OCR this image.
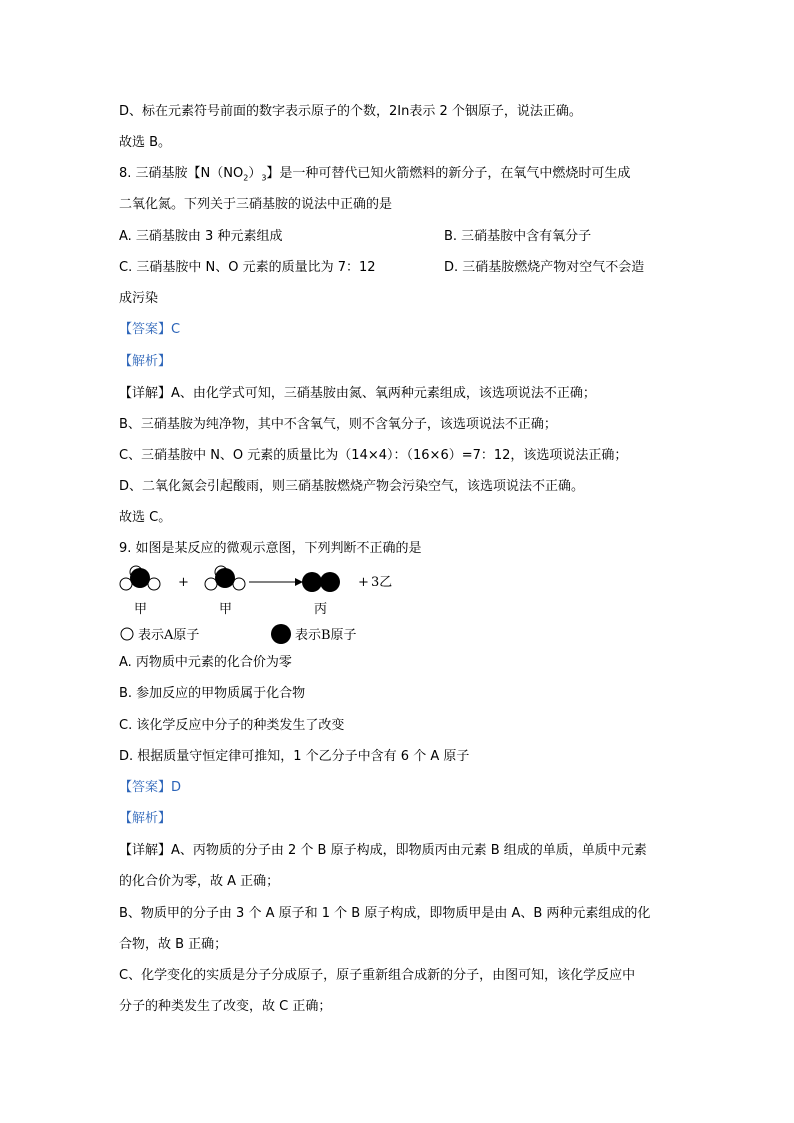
D、标在元素符号前面的数字表示原子的个数，2In表示 2 个铟原子，说法正确。
故选 B。
8. 三硝基胺【$N(NO_2)_3$】是一种可替代已知火箭燃料的新分子，在氧气中燃烧时可生成
二氧化氮。下列关于三硝基胺的说法中正确的是
A. 三硝基胺由 3 种元素组成	B. 三硝基胺中含有氧分子
C. 三硝基胺中 N、O 元素的质量比为 7：12	D. 三硝基胺燃烧产物对空气不会造
成污染
【答案】C
【解析】
【详解】A、由化学式可知，三硝基胺由氮、氧两种元素组成，该选项说法不正确；
B、三硝基胺为纯净物，其中不含氧气，则不含氧分子，该选项说法不正确；
C、三硝基胺中 N、O 元素的质量比为（14×4）：（16×6）=7：12，该选项说法正确；
D、二氧化氮会引起酸雨，则三硝基胺燃烧产物会污染空气，该选项说法不正确。
故选 C。
9. 如图是某反应的微观示意图，下列判断不正确的是
甲
+
甲	丙
+ 3乙
表示A原子	表示B原子
A. 丙物质中元素的化合价为零
B. 参加反应的甲物质属于化合物
C. 该化学反应中分子的种类发生了改变
D. 根据质量守恒定律可推知，1 个乙分子中含有 6 个 A 原子
【答案】D
【解析】
【详解】A、丙物质的分子由 2 个 B 原子构成，即物质丙由元素 B 组成的单质，单质中元素
的化合价为零，故 A 正确；
B、物质甲的分子由 3 个 A 原子和 1 个 B 原子构成，即物质甲是由 A、B 两种元素组成的化
合物，故 B 正确；
C、化学变化的实质是分子分成原子，原子重新组合成新的分子，由图可知，该化学反应中
分子的种类发生了改变，故 C 正确；
